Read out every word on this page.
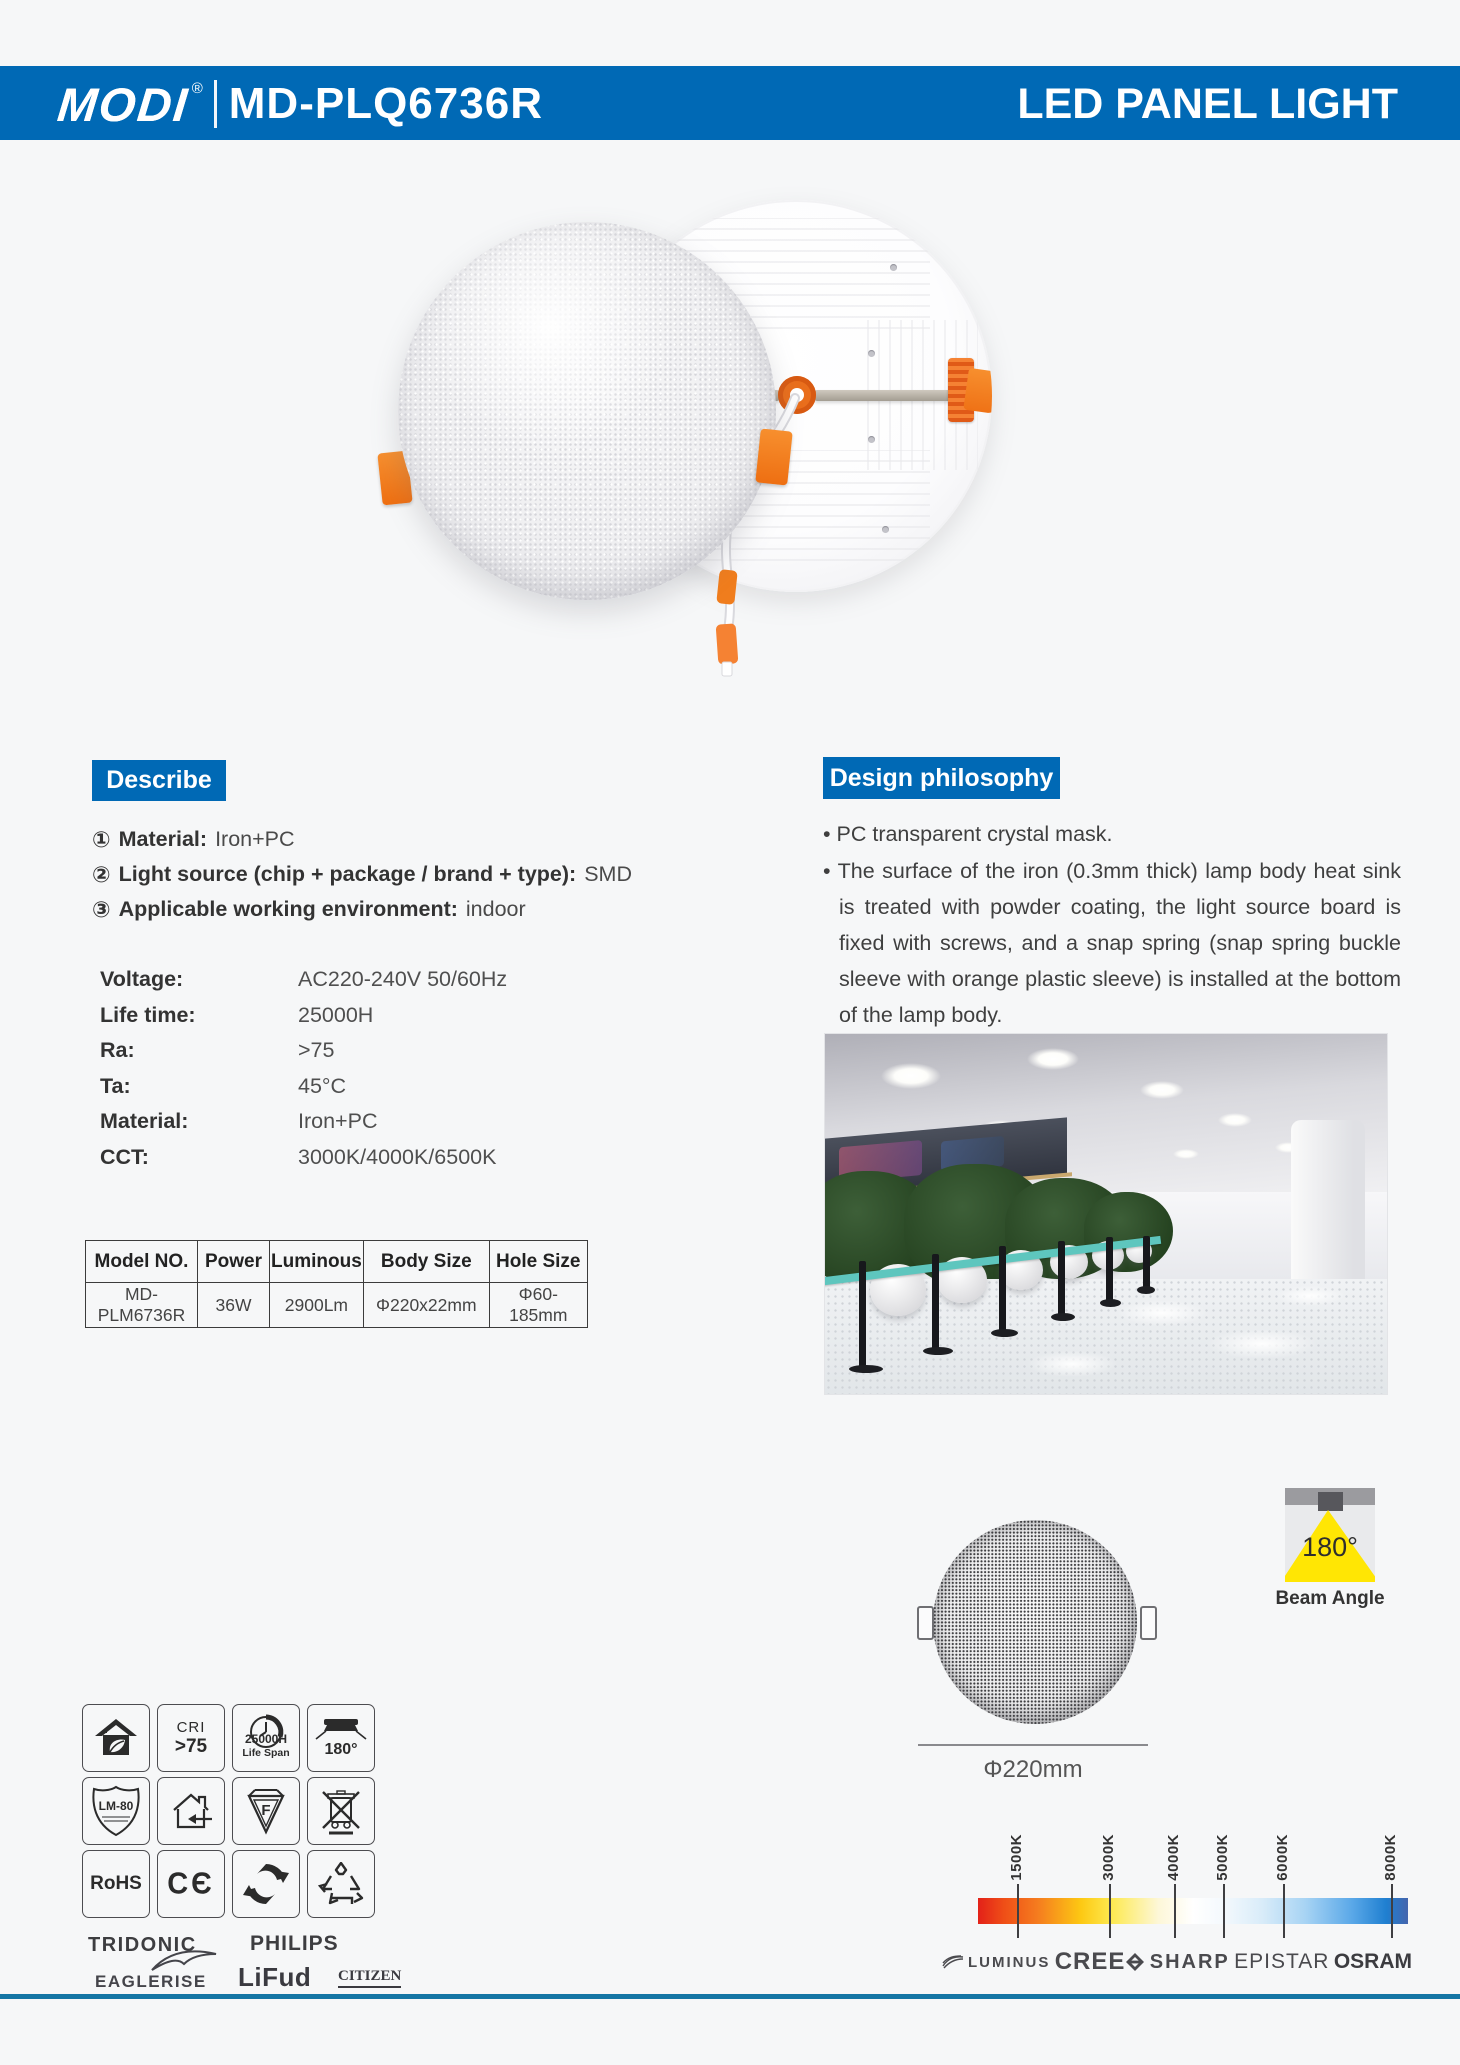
MODI ® MD-PLQ6736R	LED PANEL LIGHT
Describe
① Material: Iron+PC
② Light source (chip + package / brand + type): SMD
③ Applicable working environment: indoor
Voltage:	AC220-240V 50/60Hz
Life time:	25000H
Ra:	>75
Ta:	45°C
Material:	Iron+PC
CCT:	3000K/4000K/6500K
Model NO.	Power	Luminous	Body Size	Hole Size
MD-PLM6736R	36W	2900Lm	Φ220x22mm	Φ60-185mm
Design philosophy

• PC transparent crystal mask.

• The surface of the iron (0.3mm thick) lamp body heat sink is treated with powder coating, the light source board is fixed with screws, and a snap spring (snap spring buckle sleeve with orange plastic sleeve) is installed at the bottom of the lamp body.

180°
Beam Angle
Φ220mm
CRI
>75	25000H
Life Span	180°
LM-80	F
RoHS CЄ
TRIDONIC	PHILIPS
EAGLERISE LiFud CITIZEN
1500K	3000K	4000K 5000K	6000K	8000K
LUMINUS CREE SHARP EPISTAR OSRAM
